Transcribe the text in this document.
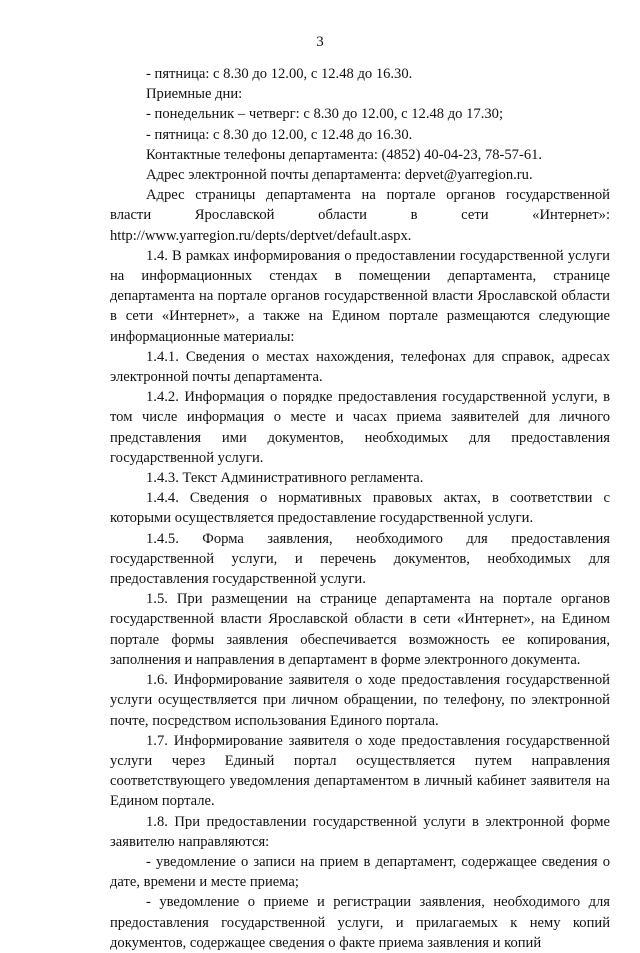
3

- пятница: с 8.30 до 12.00, с 12.48 до 16.30.

Приемные дни:

- понедельник – четверг: с 8.30 до 12.00, с 12.48 до 17.30;

- пятница: с 8.30 до 12.00, с 12.48 до 16.30.

Контактные телефоны департамента: (4852) 40-04-23, 78-57-61.

Адрес электронной почты департамента: depvet@yarregion.ru.

Адрес страницы департамента на портале органов государственной власти Ярославской области в сети «Интернет»: http://www.yarregion.ru/depts/deptvet/default.aspx.

1.4. В рамках информирования о предоставлении государственной услуги на информационных стендах в помещении департамента, странице департамента на портале органов государственной власти Ярославской области в сети «Интернет», а также на Едином портале размещаются следующие информационные материалы:

1.4.1. Сведения о местах нахождения, телефонах для справок, адресах электронной почты департамента.

1.4.2. Информация о порядке предоставления государственной услуги, в том числе информация о месте и часах приема заявителей для личного представления ими документов, необходимых для предоставления государственной услуги.

1.4.3. Текст Административного регламента.

1.4.4. Сведения о нормативных правовых актах, в соответствии с которыми осуществляется предоставление государственной услуги.

1.4.5. Форма заявления, необходимого для предоставления государственной услуги, и перечень документов, необходимых для предоставления государственной услуги.

1.5. При размещении на странице департамента на портале органов государственной власти Ярославской области в сети «Интернет», на Едином портале формы заявления обеспечивается возможность ее копирования, заполнения и направления в департамент в форме электронного документа.

1.6. Информирование заявителя о ходе предоставления государственной услуги осуществляется при личном обращении, по телефону, по электронной почте, посредством использования Единого портала.

1.7. Информирование заявителя о ходе предоставления государственной услуги через Единый портал осуществляется путем направления соответствующего уведомления департаментом в личный кабинет заявителя на Едином портале.

1.8. При предоставлении государственной услуги в электронной форме заявителю направляются:

- уведомление о записи на прием в департамент, содержащее сведения о дате, времени и месте приема;

- уведомление о приеме и регистрации заявления, необходимого для предоставления государственной услуги, и прилагаемых к нему копий документов, содержащее сведения о факте приема заявления и копий
